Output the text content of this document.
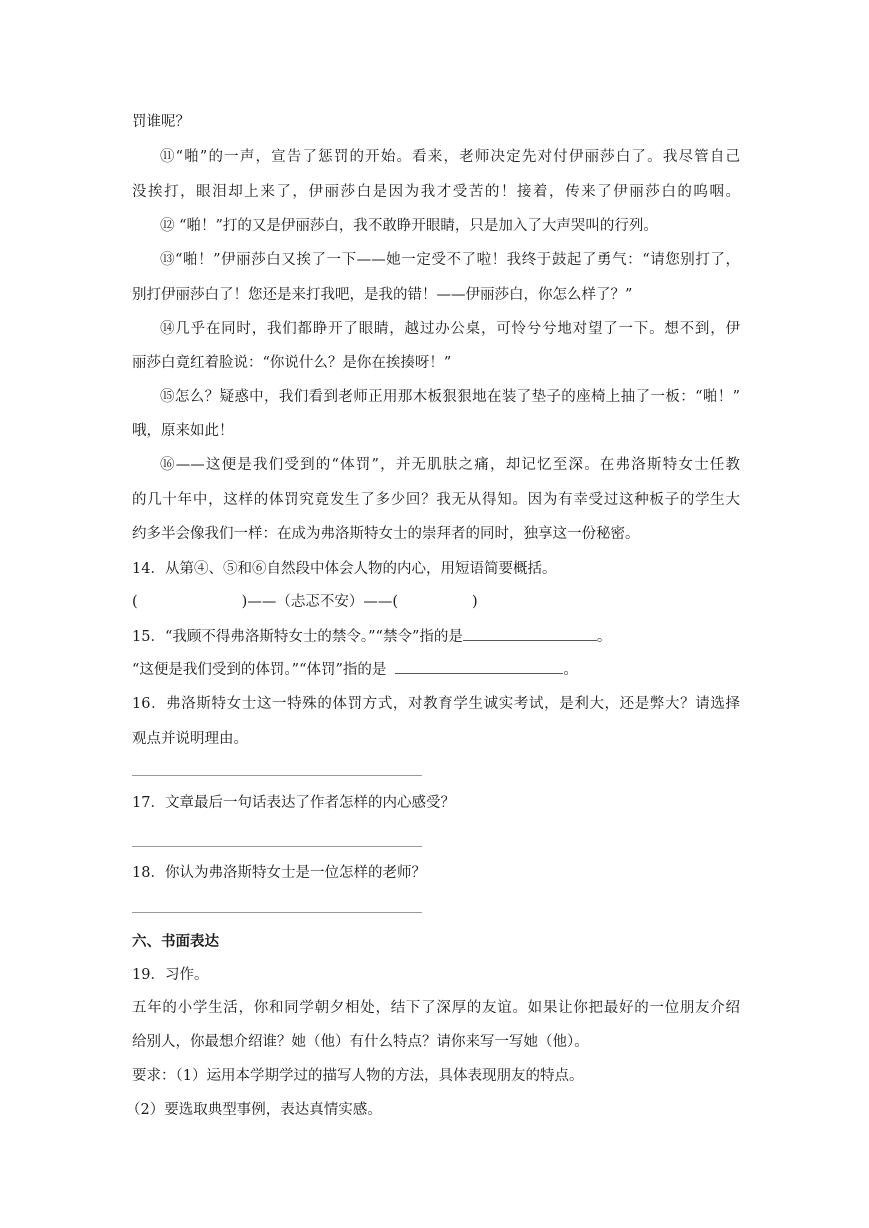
罚谁呢？
⑪“啪”的一声，宣告了惩罚的开始。看来，老师决定先对付伊丽莎白了。我尽管自己
没挨打，眼泪却上来了，伊丽莎白是因为我才受苦的！接着，传来了伊丽莎白的呜咽。
⑫ “啪！”打的又是伊丽莎白，我不敢睁开眼睛，只是加入了大声哭叫的行列。
⑬“啪！”伊丽莎白又挨了一下——她一定受不了啦！我终于鼓起了勇气：“请您别打了，
别打伊丽莎白了！您还是来打我吧，是我的错！——伊丽莎白，你怎么样了？”
⑭几乎在同时，我们都睁开了眼睛，越过办公桌，可怜兮兮地对望了一下。想不到，伊
丽莎白竟红着脸说：“你说什么？是你在挨揍呀！”
⑮怎么？疑惑中，我们看到老师正用那木板狠狠地在装了垫子的座椅上抽了一板：“啪！”
哦，原来如此！
⑯——这便是我们受到的“体罚”，并无肌肤之痛，却记忆至深。在弗洛斯特女士任教
的几十年中，这样的体罚究竟发生了多少回？我无从得知。因为有幸受过这种板子的学生大
约多半会像我们一样：在成为弗洛斯特女士的崇拜者的同时，独享这一份秘密。
14．从第④、⑤和⑥自然段中体会人物的内心，用短语简要概括。
(	)——（忐忑不安）——(	)
15．“我顾不得弗洛斯特女士的禁令。”“禁令”指的是	。
“这便是我们受到的体罚。”“体罚”指的是	。
16．弗洛斯特女士这一特殊的体罚方式，对教育学生诚实考试，是利大，还是弊大？请选择
观点并说明理由。
17．文章最后一句话表达了作者怎样的内心感受？
18．你认为弗洛斯特女士是一位怎样的老师？
六、书面表达
19．习作。
五年的小学生活，你和同学朝夕相处，结下了深厚的友谊。如果让你把最好的一位朋友介绍
给别人，你最想介绍谁？她（他）有什么特点？请你来写一写她（他）。
要求：（1）运用本学期学过的描写人物的方法，具体表现朋友的特点。
（2）要选取典型事例，表达真情实感。
